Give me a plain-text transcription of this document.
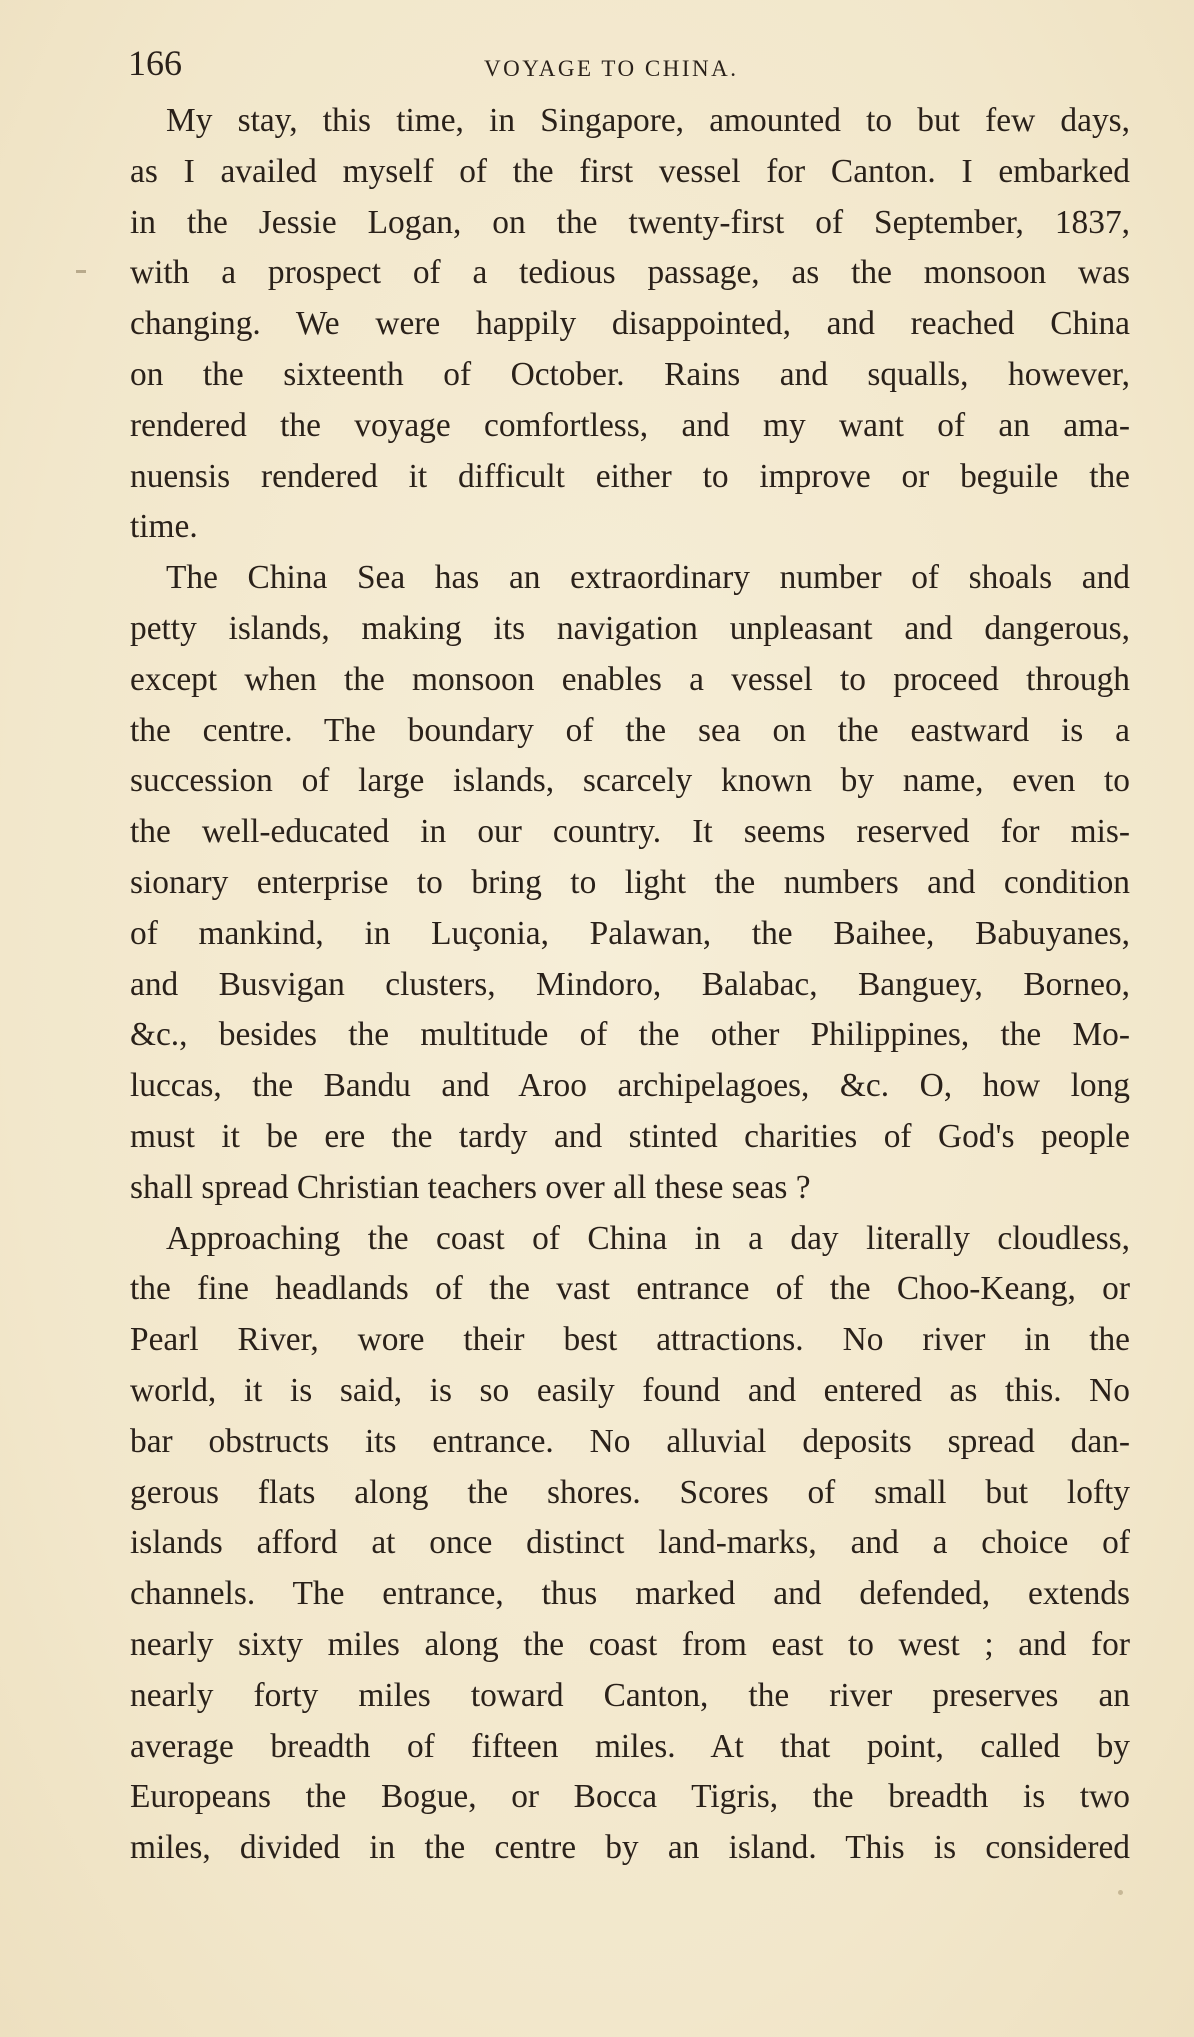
166	VOYAGE TO CHINA.
My stay, this time, in Singapore, amounted to but few days,
as I availed myself of the first vessel for Canton. I embarked
in the Jessie Logan, on the twenty-first of September, 1837,
with a prospect of a tedious passage, as the monsoon was
changing. We were happily disappointed, and reached China
on the sixteenth of October. Rains and squalls, however,
rendered the voyage comfortless, and my want of an ama-
nuensis rendered it difficult either to improve or beguile the
time.
The China Sea has an extraordinary number of shoals and
petty islands, making its navigation unpleasant and dangerous,
except when the monsoon enables a vessel to proceed through
the centre. The boundary of the sea on the eastward is a
succession of large islands, scarcely known by name, even to
the well-educated in our country. It seems reserved for mis-
sionary enterprise to bring to light the numbers and condition
of mankind, in Luçonia, Palawan, the Baihee, Babuyanes,
and Busvigan clusters, Mindoro, Balabac, Banguey, Borneo,
&c., besides the multitude of the other Philippines, the Mo-
luccas, the Bandu and Aroo archipelagoes, &c. O, how long
must it be ere the tardy and stinted charities of God's people
shall spread Christian teachers over all these seas ?
Approaching the coast of China in a day literally cloudless,
the fine headlands of the vast entrance of the Choo-Keang, or
Pearl River, wore their best attractions. No river in the
world, it is said, is so easily found and entered as this. No
bar obstructs its entrance. No alluvial deposits spread dan-
gerous flats along the shores. Scores of small but lofty
islands afford at once distinct land-marks, and a choice of
channels. The entrance, thus marked and defended, extends
nearly sixty miles along the coast from east to west ; and for
nearly forty miles toward Canton, the river preserves an
average breadth of fifteen miles. At that point, called by
Europeans the Bogue, or Bocca Tigris, the breadth is two
miles, divided in the centre by an island. This is considered
